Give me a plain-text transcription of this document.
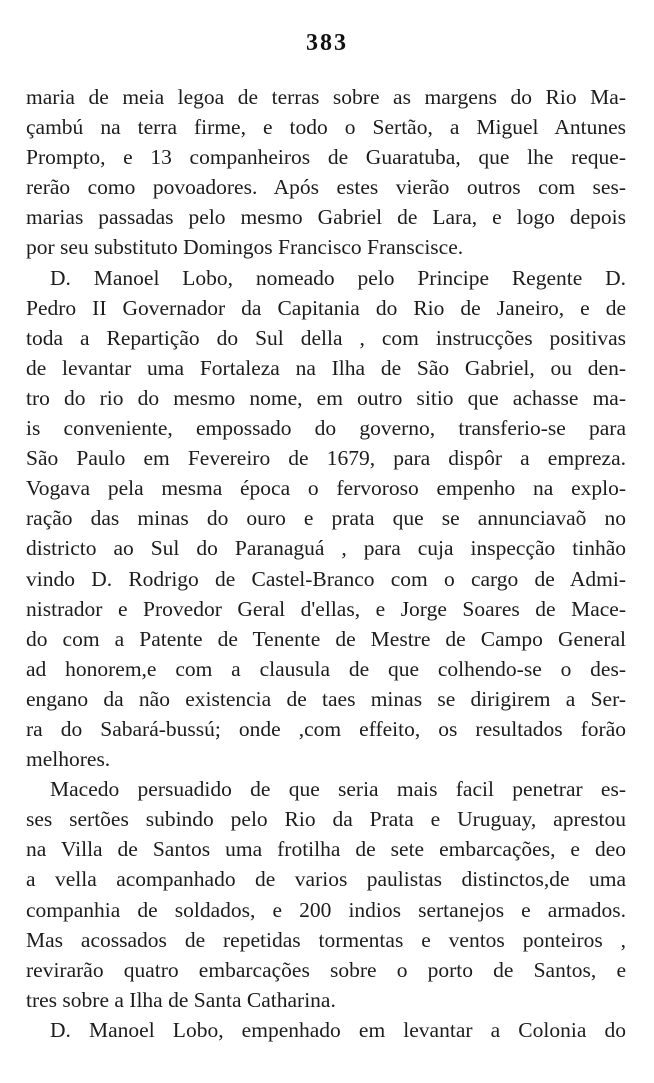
383
maria de meia legoa de terras sobre as margens do Rio Ma-
çambú na terra firme, e todo o Sertão, a Miguel Antunes
Prompto, e 13 companheiros de Guaratuba, que lhe reque-
rerão como povoadores. Após estes vierão outros com ses-
marias passadas pelo mesmo Gabriel de Lara, e logo depois
por seu substituto Domingos Francisco Franscisce.
D. Manoel Lobo, nomeado pelo Principe Regente D.
Pedro II Governador da Capitania do Rio de Janeiro, e de
toda a Repartição do Sul della , com instrucções positivas
de levantar uma Fortaleza na Ilha de São Gabriel, ou den-
tro do rio do mesmo nome, em outro sitio que achasse ma-
is conveniente, empossado do governo, transferio-se para
São Paulo em Fevereiro de 1679, para dispôr a empreza.
Vogava pela mesma época o fervoroso empenho na explo-
ração das minas do ouro e prata que se annunciavaõ no
districto ao Sul do Paranaguá , para cuja inspecção tinhão
vindo D. Rodrigo de Castel-Branco com o cargo de Admi-
nistrador e Provedor Geral d'ellas, e Jorge Soares de Mace-
do com a Patente de Tenente de Mestre de Campo General
ad honorem,e com a clausula de que colhendo-se o des-
engano da não existencia de taes minas se dirigirem a Ser-
ra do Sabará-bussú; onde ,com effeito, os resultados forão
melhores.
Macedo persuadido de que seria mais facil penetrar es-
ses sertões subindo pelo Rio da Prata e Uruguay, aprestou
na Villa de Santos uma frotilha de sete embarcações, e deo
a vella acompanhado de varios paulistas distinctos,de uma
companhia de soldados, e 200 indios sertanejos e armados.
Mas acossados de repetidas tormentas e ventos ponteiros ,
revirarão quatro embarcações sobre o porto de Santos, e
tres sobre a Ilha de Santa Catharina.
D. Manoel Lobo, empenhado em levantar a Colonia do
